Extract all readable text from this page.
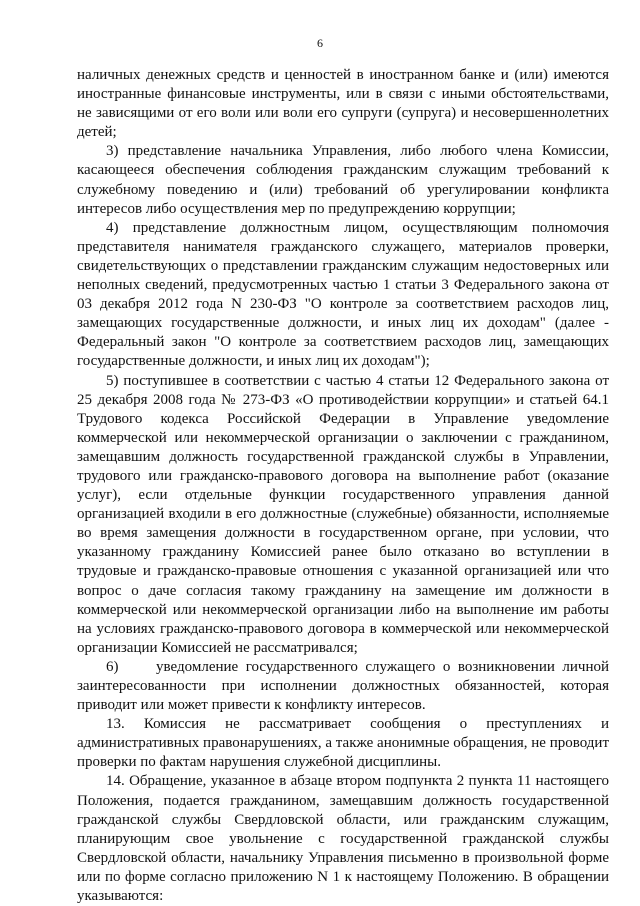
6

наличных денежных средств и ценностей в иностранном банке и (или) имеются иностранные финансовые инструменты, или в связи с иными обстоятельствами, не зависящими от его воли или воли его супруги (супруга) и несовершеннолетних детей;

3) представление начальника Управления, либо любого члена Комиссии, касающееся обеспечения соблюдения гражданским служащим требований к служебному поведению и (или) требований об урегулировании конфликта интересов либо осуществления мер по предупреждению коррупции;

4) представление должностным лицом, осуществляющим полномочия представителя нанимателя гражданского служащего, материалов проверки, свидетельствующих о представлении гражданским служащим недостоверных или неполных сведений, предусмотренных частью 1 статьи 3 Федерального закона от 03 декабря 2012 года N 230-ФЗ "О контроле за соответствием расходов лиц, замещающих государственные должности, и иных лиц их доходам" (далее - Федеральный закон "О контроле за соответствием расходов лиц, замещающих государственные должности, и иных лиц их доходам");

5) поступившее в соответствии с частью 4 статьи 12 Федерального закона от 25 декабря 2008 года № 273-ФЗ «О противодействии коррупции» и статьей 64.1 Трудового кодекса Российской Федерации в Управление уведомление коммерческой или некоммерческой организации о заключении с гражданином, замещавшим должность государственной гражданской службы в Управлении, трудового или гражданско-правового договора на выполнение работ (оказание услуг), если отдельные функции государственного управления данной организацией входили в его должностные (служебные) обязанности, исполняемые во время замещения должности в государственном органе, при условии, что указанному гражданину Комиссией ранее было отказано во вступлении в трудовые и гражданско-правовые отношения с указанной организацией или что вопрос о даче согласия такому гражданину на замещение им должности в коммерческой или некоммерческой организации либо на выполнение им работы на условиях гражданско-правового договора в коммерческой или некоммерческой организации Комиссией не рассматривался;

6)     уведомление государственного служащего о возникновении личной заинтересованности при исполнении должностных обязанностей, которая приводит или может привести к конфликту интересов.

13. Комиссия не рассматривает сообщения о преступлениях и административных правонарушениях, а также анонимные обращения, не проводит проверки по фактам нарушения служебной дисциплины.

14. Обращение, указанное в абзаце втором подпункта 2 пункта 11 настоящего Положения, подается гражданином, замещавшим должность государственной гражданской службы Свердловской области, или гражданским служащим, планирующим свое увольнение с государственной гражданской службы Свердловской области, начальнику Управления письменно в произвольной форме или по форме согласно приложению N 1 к настоящему Положению. В обращении указываются:
